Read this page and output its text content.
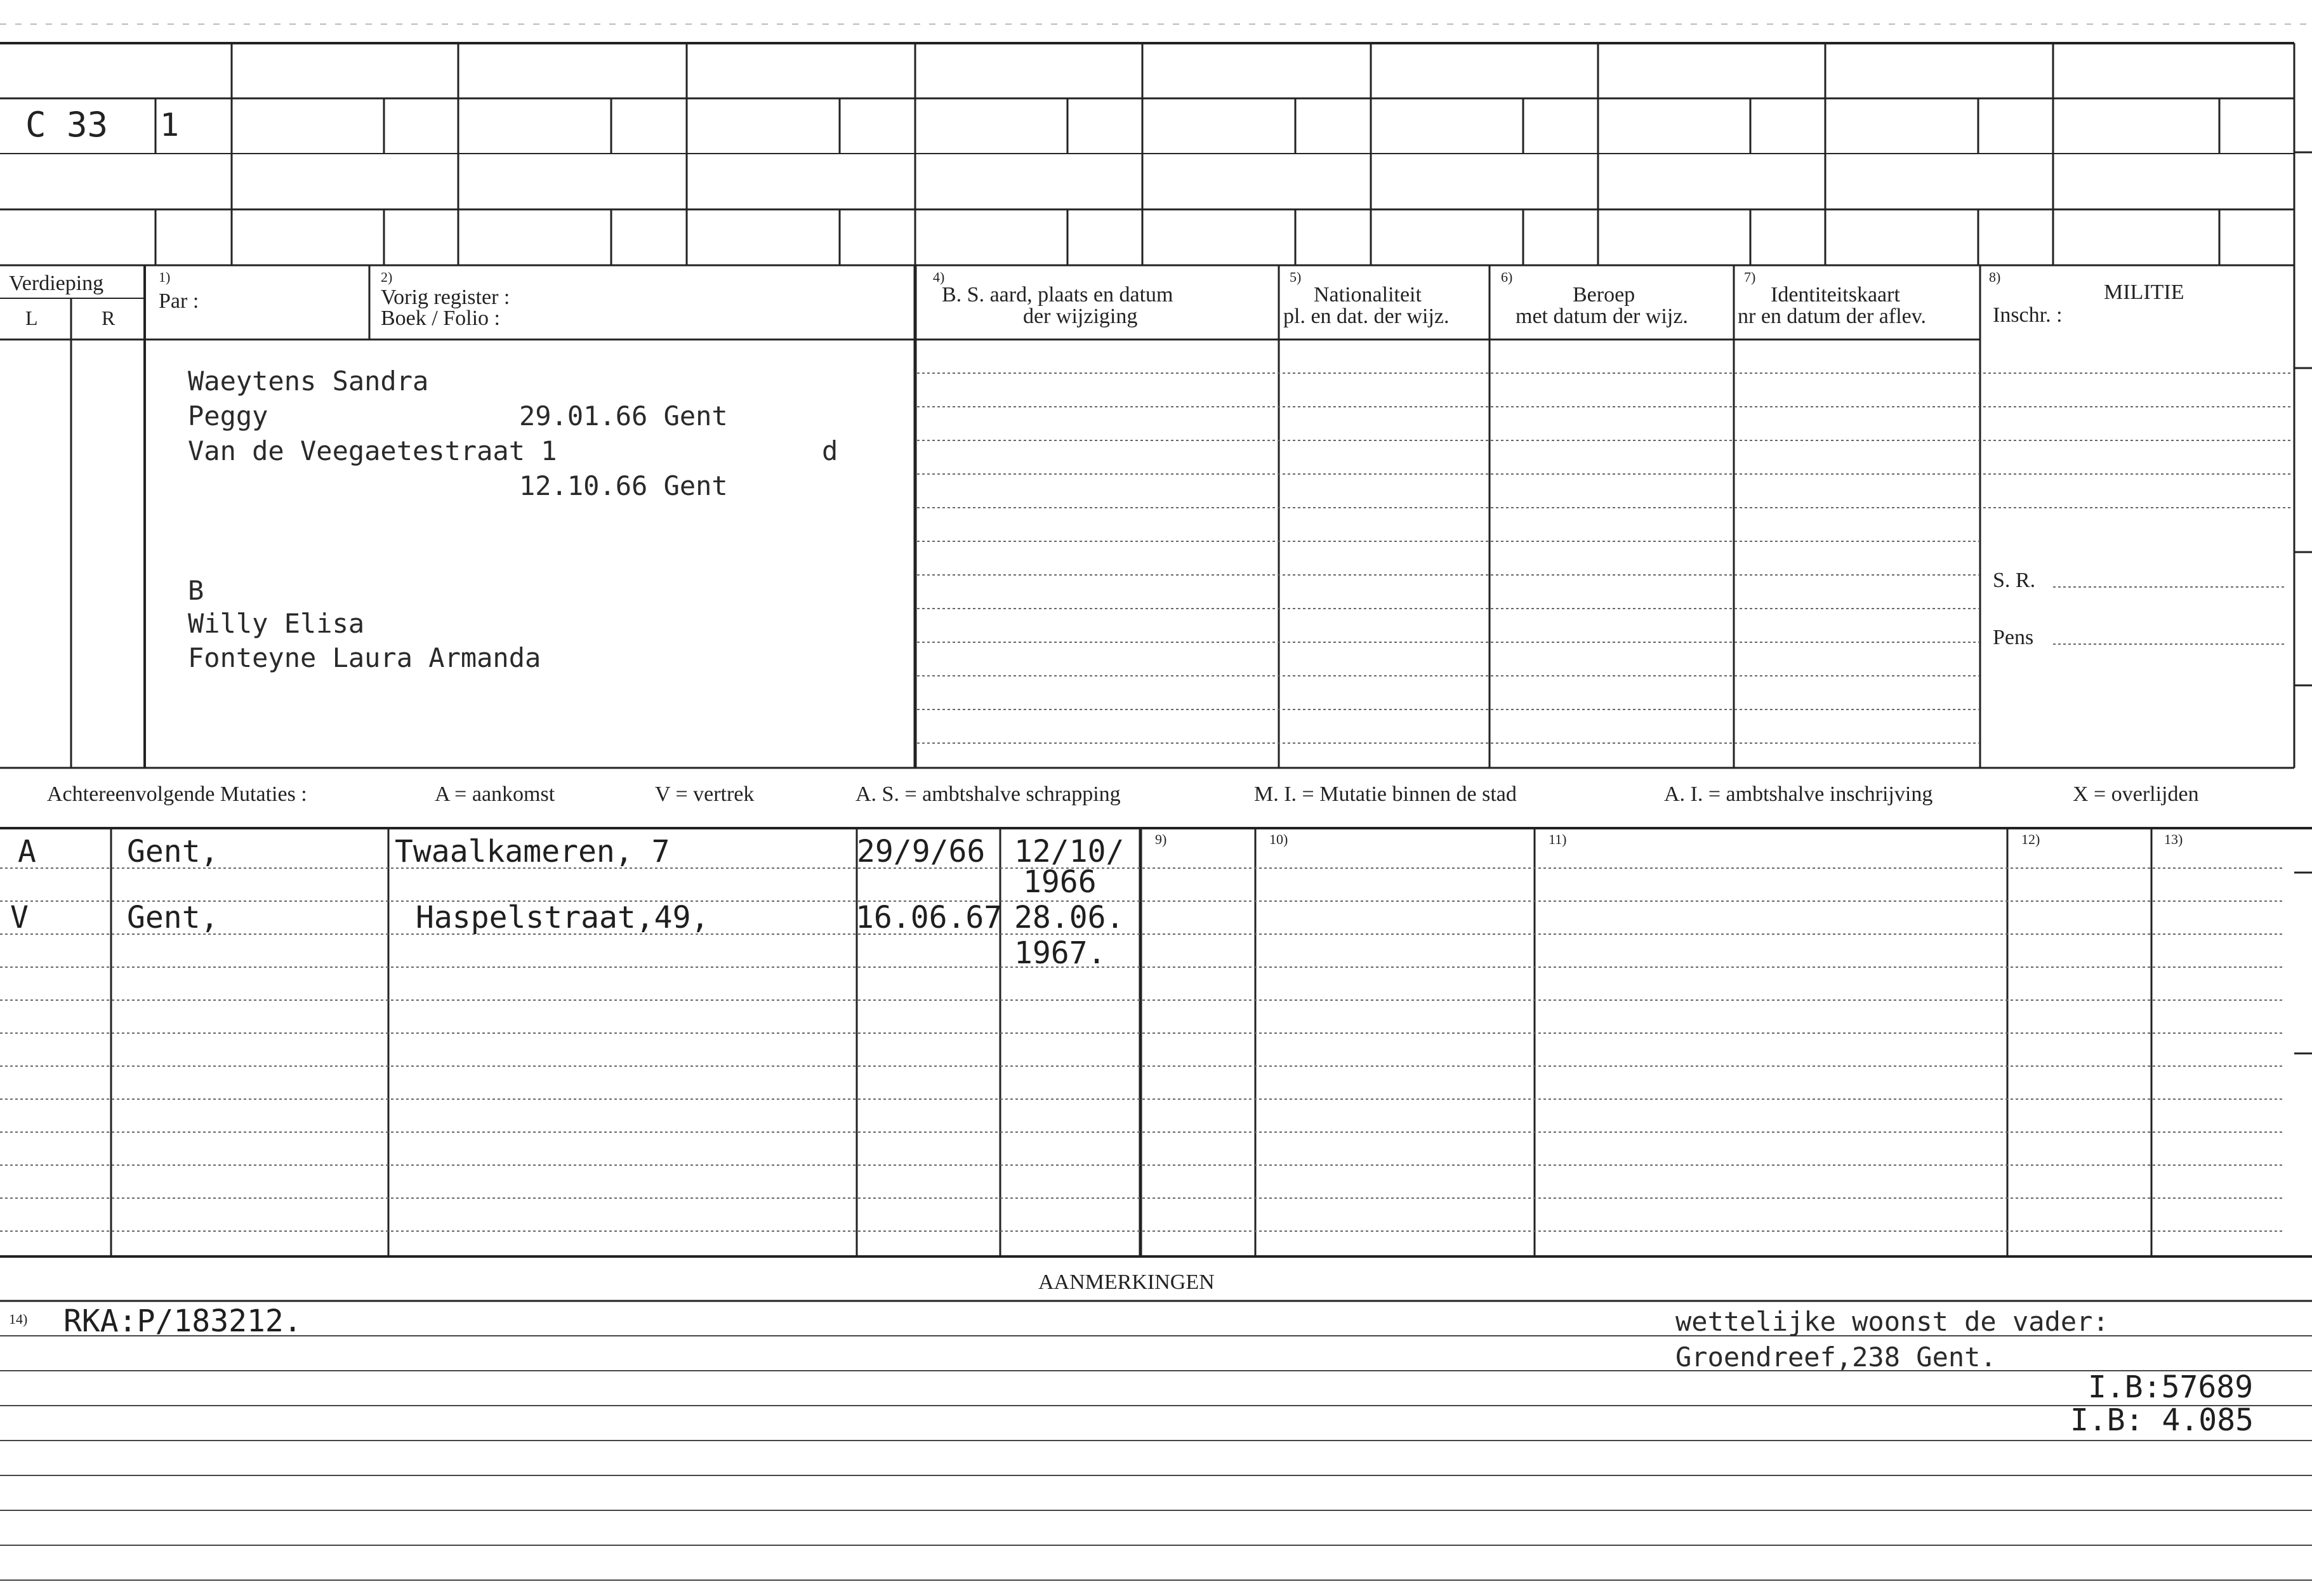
C 33 1
Verdieping
L	R
1)
Par :
2)
Vorig register :
Boek / Folio :
4)
B. S. aard, plaats en datum
der wijziging
5)
Nationaliteit
pl. en dat. der wijz.
6)
Beroep
met datum der wijz.
7)
Identiteitskaart
nr en datum der aflev.
8)
MILITIE
Inschr. :
S. R.
Pens
Waeytens Sandra
Peggy	29.01.66 Gent
Van de Veegaetestraat 1	d
12.10.66 Gent
B
Willy Elisa
Fonteyne Laura Armanda
Achtereenvolgende Mutaties :	A = aankomst	V = vertrek	A. S. = ambtshalve schrapping	M. I. = Mutatie binnen de stad	A. I. = ambtshalve inschrijving	X = overlijden
9)	10)	11)	12)	13)
A	Gent,	Twaalkameren, 7	29/9/66 12/10/
1966
V	Gent,	Haspelstraat,49,	16.06.67 28.06.
1967.
AANMERKINGEN
14) RKA:P/183212.	wettelijke woonst de vader:
Groendreef,238 Gent.
I.B:57689
I.B: 4.085
